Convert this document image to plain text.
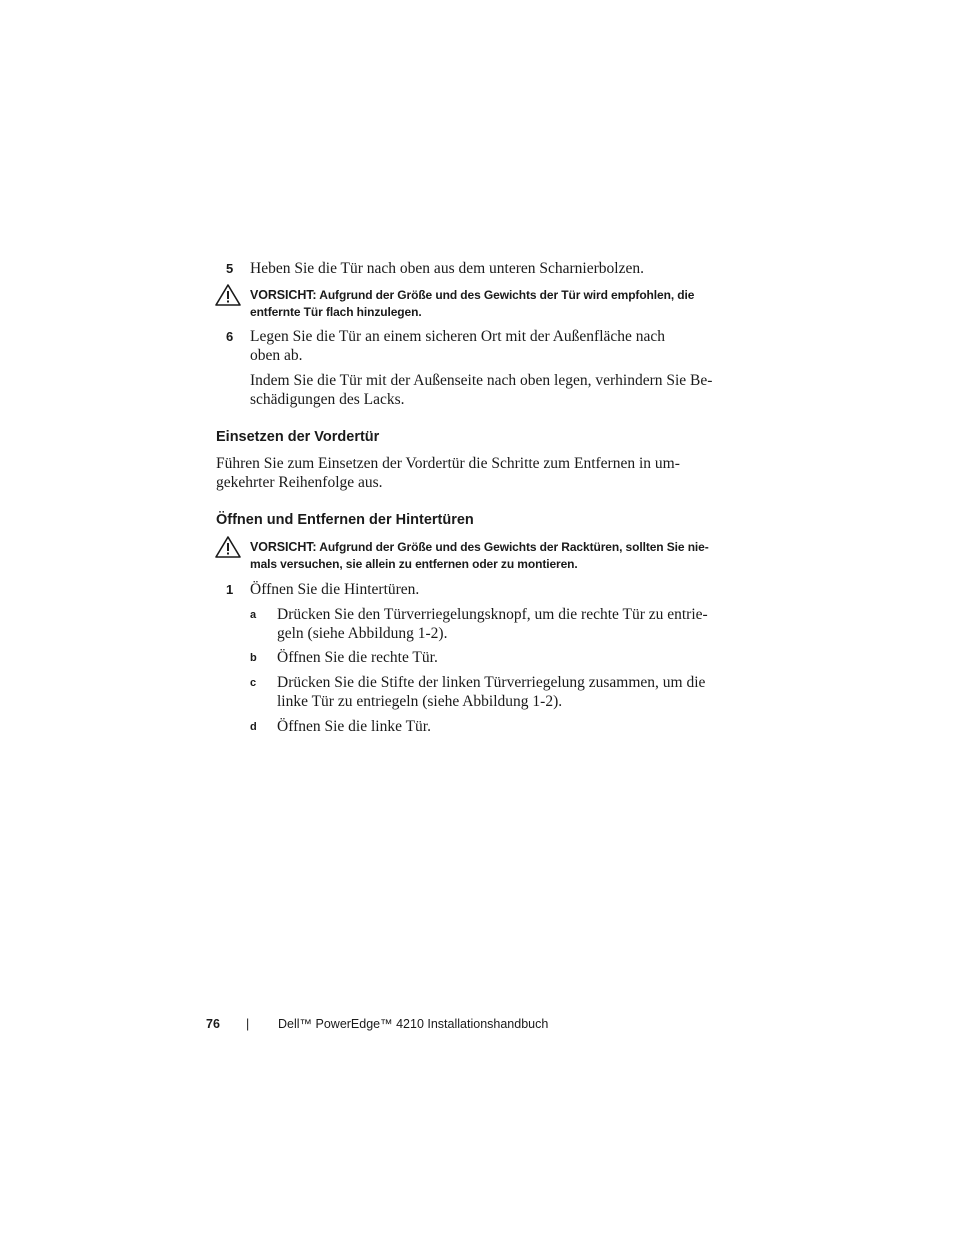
5 Heben Sie die Tür nach oben aus dem unteren Scharnierbolzen.
VORSICHT: Aufgrund der Größe und des Gewichts der Tür wird empfohlen, die
entfernte Tür flach hinzulegen.
6 Legen Sie die Tür an einem sicheren Ort mit der Außenfläche nach
oben ab.
Indem Sie die Tür mit der Außenseite nach oben legen, verhindern Sie Be-
schädigungen des Lacks.
Einsetzen der Vordertür
Führen Sie zum Einsetzen der Vordertür die Schritte zum Entfernen in um-
gekehrter Reihenfolge aus.
Öffnen und Entfernen der Hintertüren
VORSICHT: Aufgrund der Größe und des Gewichts der Racktüren, sollten Sie nie-
mals versuchen, sie allein zu entfernen oder zu montieren.
1 Öffnen Sie die Hintertüren.
a Drücken Sie den Türverriegelungsknopf, um die rechte Tür zu entrie-
geln (siehe Abbildung 1-2).
b Öffnen Sie die rechte Tür.
c Drücken Sie die Stifte der linken Türverriegelung zusammen, um die
linke Tür zu entriegeln (siehe Abbildung 1-2).
d Öffnen Sie die linke Tür.
76 | Dell™ PowerEdge™ 4210 Installationshandbuch
